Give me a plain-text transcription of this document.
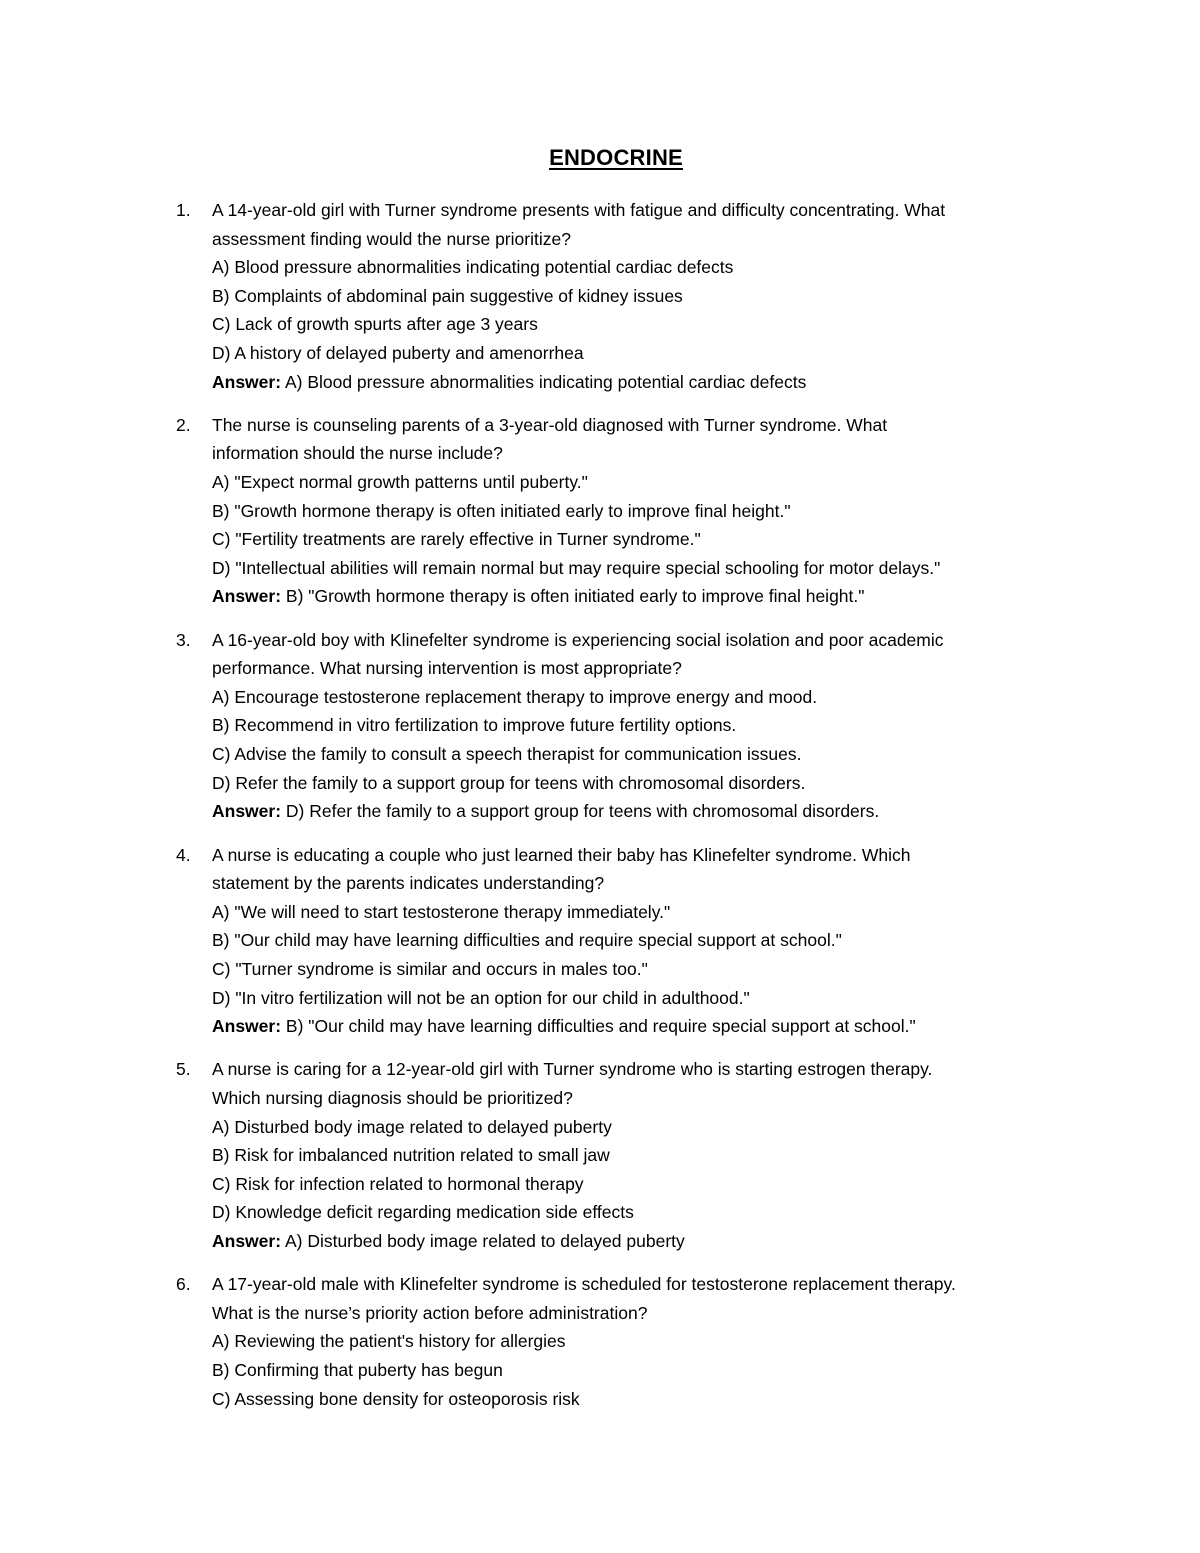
ENDOCRINE
1.	A 14-year-old girl with Turner syndrome presents with fatigue and difficulty concentrating. What
assessment finding would the nurse prioritize?
A) Blood pressure abnormalities indicating potential cardiac defects
B) Complaints of abdominal pain suggestive of kidney issues
C) Lack of growth spurts after age 3 years
D) A history of delayed puberty and amenorrhea
Answer: A) Blood pressure abnormalities indicating potential cardiac defects
2.	The nurse is counseling parents of a 3-year-old diagnosed with Turner syndrome. What
information should the nurse include?
A) "Expect normal growth patterns until puberty."
B) "Growth hormone therapy is often initiated early to improve final height."
C) "Fertility treatments are rarely effective in Turner syndrome."
D) "Intellectual abilities will remain normal but may require special schooling for motor delays."
Answer: B) "Growth hormone therapy is often initiated early to improve final height."
3.	A 16-year-old boy with Klinefelter syndrome is experiencing social isolation and poor academic
performance. What nursing intervention is most appropriate?
A) Encourage testosterone replacement therapy to improve energy and mood.
B) Recommend in vitro fertilization to improve future fertility options.
C) Advise the family to consult a speech therapist for communication issues.
D) Refer the family to a support group for teens with chromosomal disorders.
Answer: D) Refer the family to a support group for teens with chromosomal disorders.
4.	A nurse is educating a couple who just learned their baby has Klinefelter syndrome. Which
statement by the parents indicates understanding?
A) "We will need to start testosterone therapy immediately."
B) "Our child may have learning difficulties and require special support at school."
C) "Turner syndrome is similar and occurs in males too."
D) "In vitro fertilization will not be an option for our child in adulthood."
Answer: B) "Our child may have learning difficulties and require special support at school."
5.	A nurse is caring for a 12-year-old girl with Turner syndrome who is starting estrogen therapy.
Which nursing diagnosis should be prioritized?
A) Disturbed body image related to delayed puberty
B) Risk for imbalanced nutrition related to small jaw
C) Risk for infection related to hormonal therapy
D) Knowledge deficit regarding medication side effects
Answer: A) Disturbed body image related to delayed puberty
6.	A 17-year-old male with Klinefelter syndrome is scheduled for testosterone replacement therapy.
What is the nurse’s priority action before administration?
A) Reviewing the patient's history for allergies
B) Confirming that puberty has begun
C) Assessing bone density for osteoporosis risk
